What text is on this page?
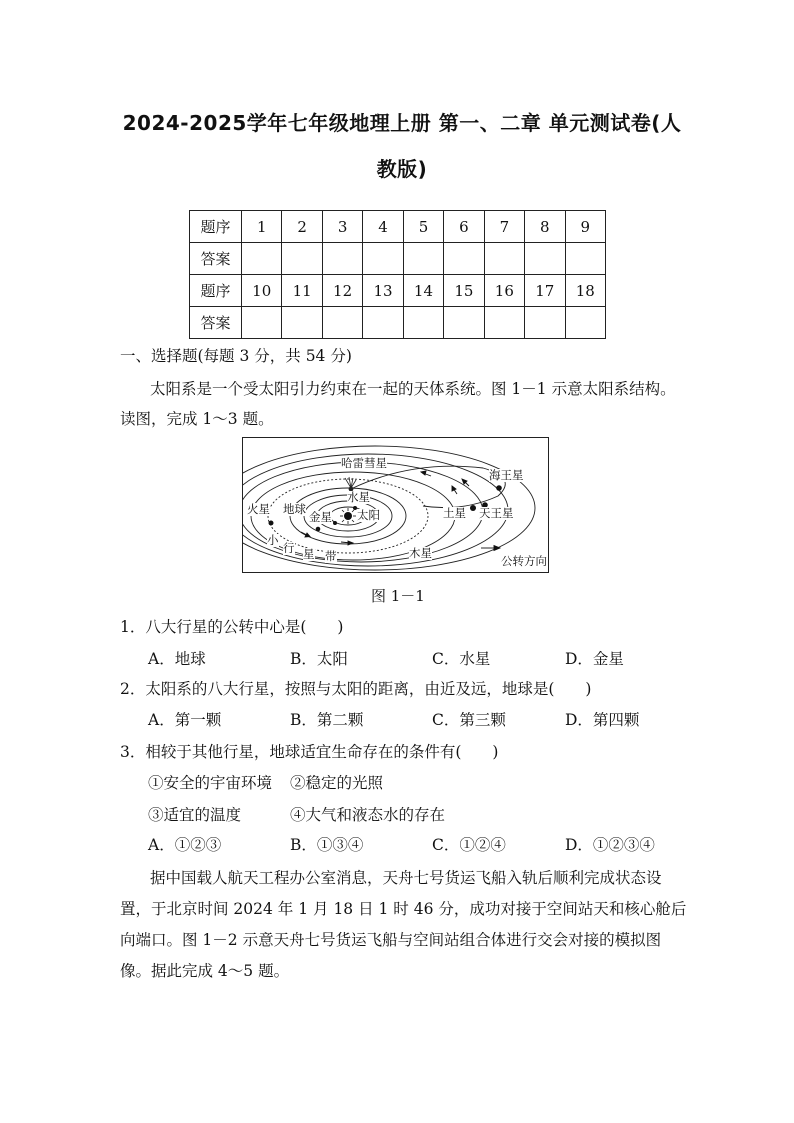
2024-2025学年七年级地理上册 第一、二章 单元测试卷(人
教版)
题序	1	2	3	4	5	6	7	8	9
答案									
题序	10	11	12	13	14	15	16	17	18
答案									
一、选择题(每题 3 分，共 54 分)
太阳系是一个受太阳引力约束在一起的天体系统。图 1－1 示意太阳系结构。
读图，完成 1～3 题。
哈雷彗星
海王星
水星
火星 地球
金星 太阳	土星 天王星
小
行 星 带	木星
公转方向
图 1－1
1．八大行星的公转中心是(　　)
A．地球	B．太阳	C．水星	D．金星
2．太阳系的八大行星，按照与太阳的距离，由近及远，地球是(　　)
A．第一颗	B．第二颗	C．第三颗	D．第四颗
3．相较于其他行星，地球适宜生命存在的条件有(　　)
①安全的宇宙环境 ②稳定的光照
③适宜的温度	④大气和液态水的存在
A．①②③	B．①③④	C．①②④	D．①②③④
据中国载人航天工程办公室消息，天舟七号货运飞船入轨后顺利完成状态设
置，于北京时间 2024 年 1 月 18 日 1 时 46 分，成功对接于空间站天和核心舱后
向端口。图 1－2 示意天舟七号货运飞船与空间站组合体进行交会对接的模拟图
像。据此完成 4～5 题。
